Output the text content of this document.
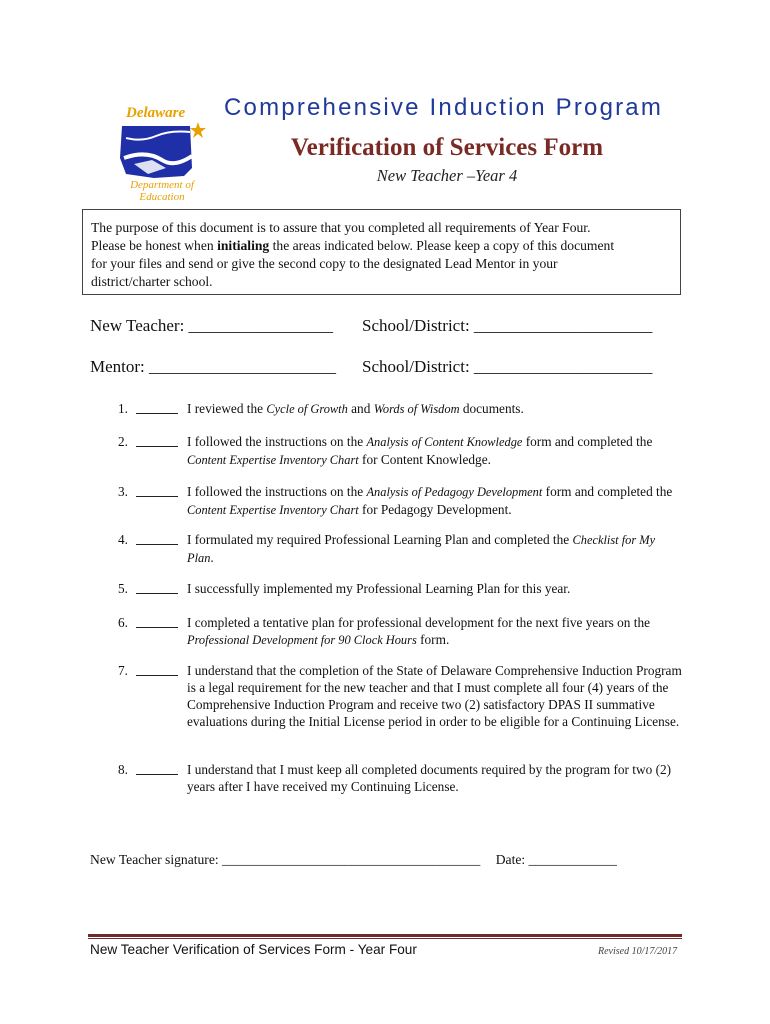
Delaware
Department of
Education
Comprehensive Induction Program
Verification of Services Form
New Teacher –Year 4
The purpose of this document is to assure that you completed all requirements of Year Four.
Please be honest when initialing the areas indicated below. Please keep a copy of this document
for your files and send or give the second copy to the designated Lead Mentor in your
district/charter school.
New Teacher: _________________ School/District: _____________________
Mentor: ______________________ School/District: _____________________
1.	I reviewed the Cycle of Growth and Words of Wisdom documents.
2.	I followed the instructions on the Analysis of Content Knowledge form and completed the Content Expertise Inventory Chart for Content Knowledge.
3.	I followed the instructions on the Analysis of Pedagogy Development form and completed the Content Expertise Inventory Chart for Pedagogy Development.
4.	I formulated my required Professional Learning Plan and completed the Checklist for My Plan.
5.	I successfully implemented my Professional Learning Plan for this year.
6.	I completed a tentative plan for professional development for the next five years on the Professional Development for 90 Clock Hours form.
7.	I understand that the completion of the State of Delaware Comprehensive Induction Program is a legal requirement for the new teacher and that I must complete all four (4) years of the Comprehensive Induction Program and receive two (2) satisfactory DPAS II summative evaluations during the Initial License period in order to be eligible for a Continuing License.
8.	I understand that I must keep all completed documents required by the program for two (2) years after I have received my Continuing License.
New Teacher signature: ______________________________________ Date: _____________
New Teacher Verification of Services Form - Year Four	Revised 10/17/2017
